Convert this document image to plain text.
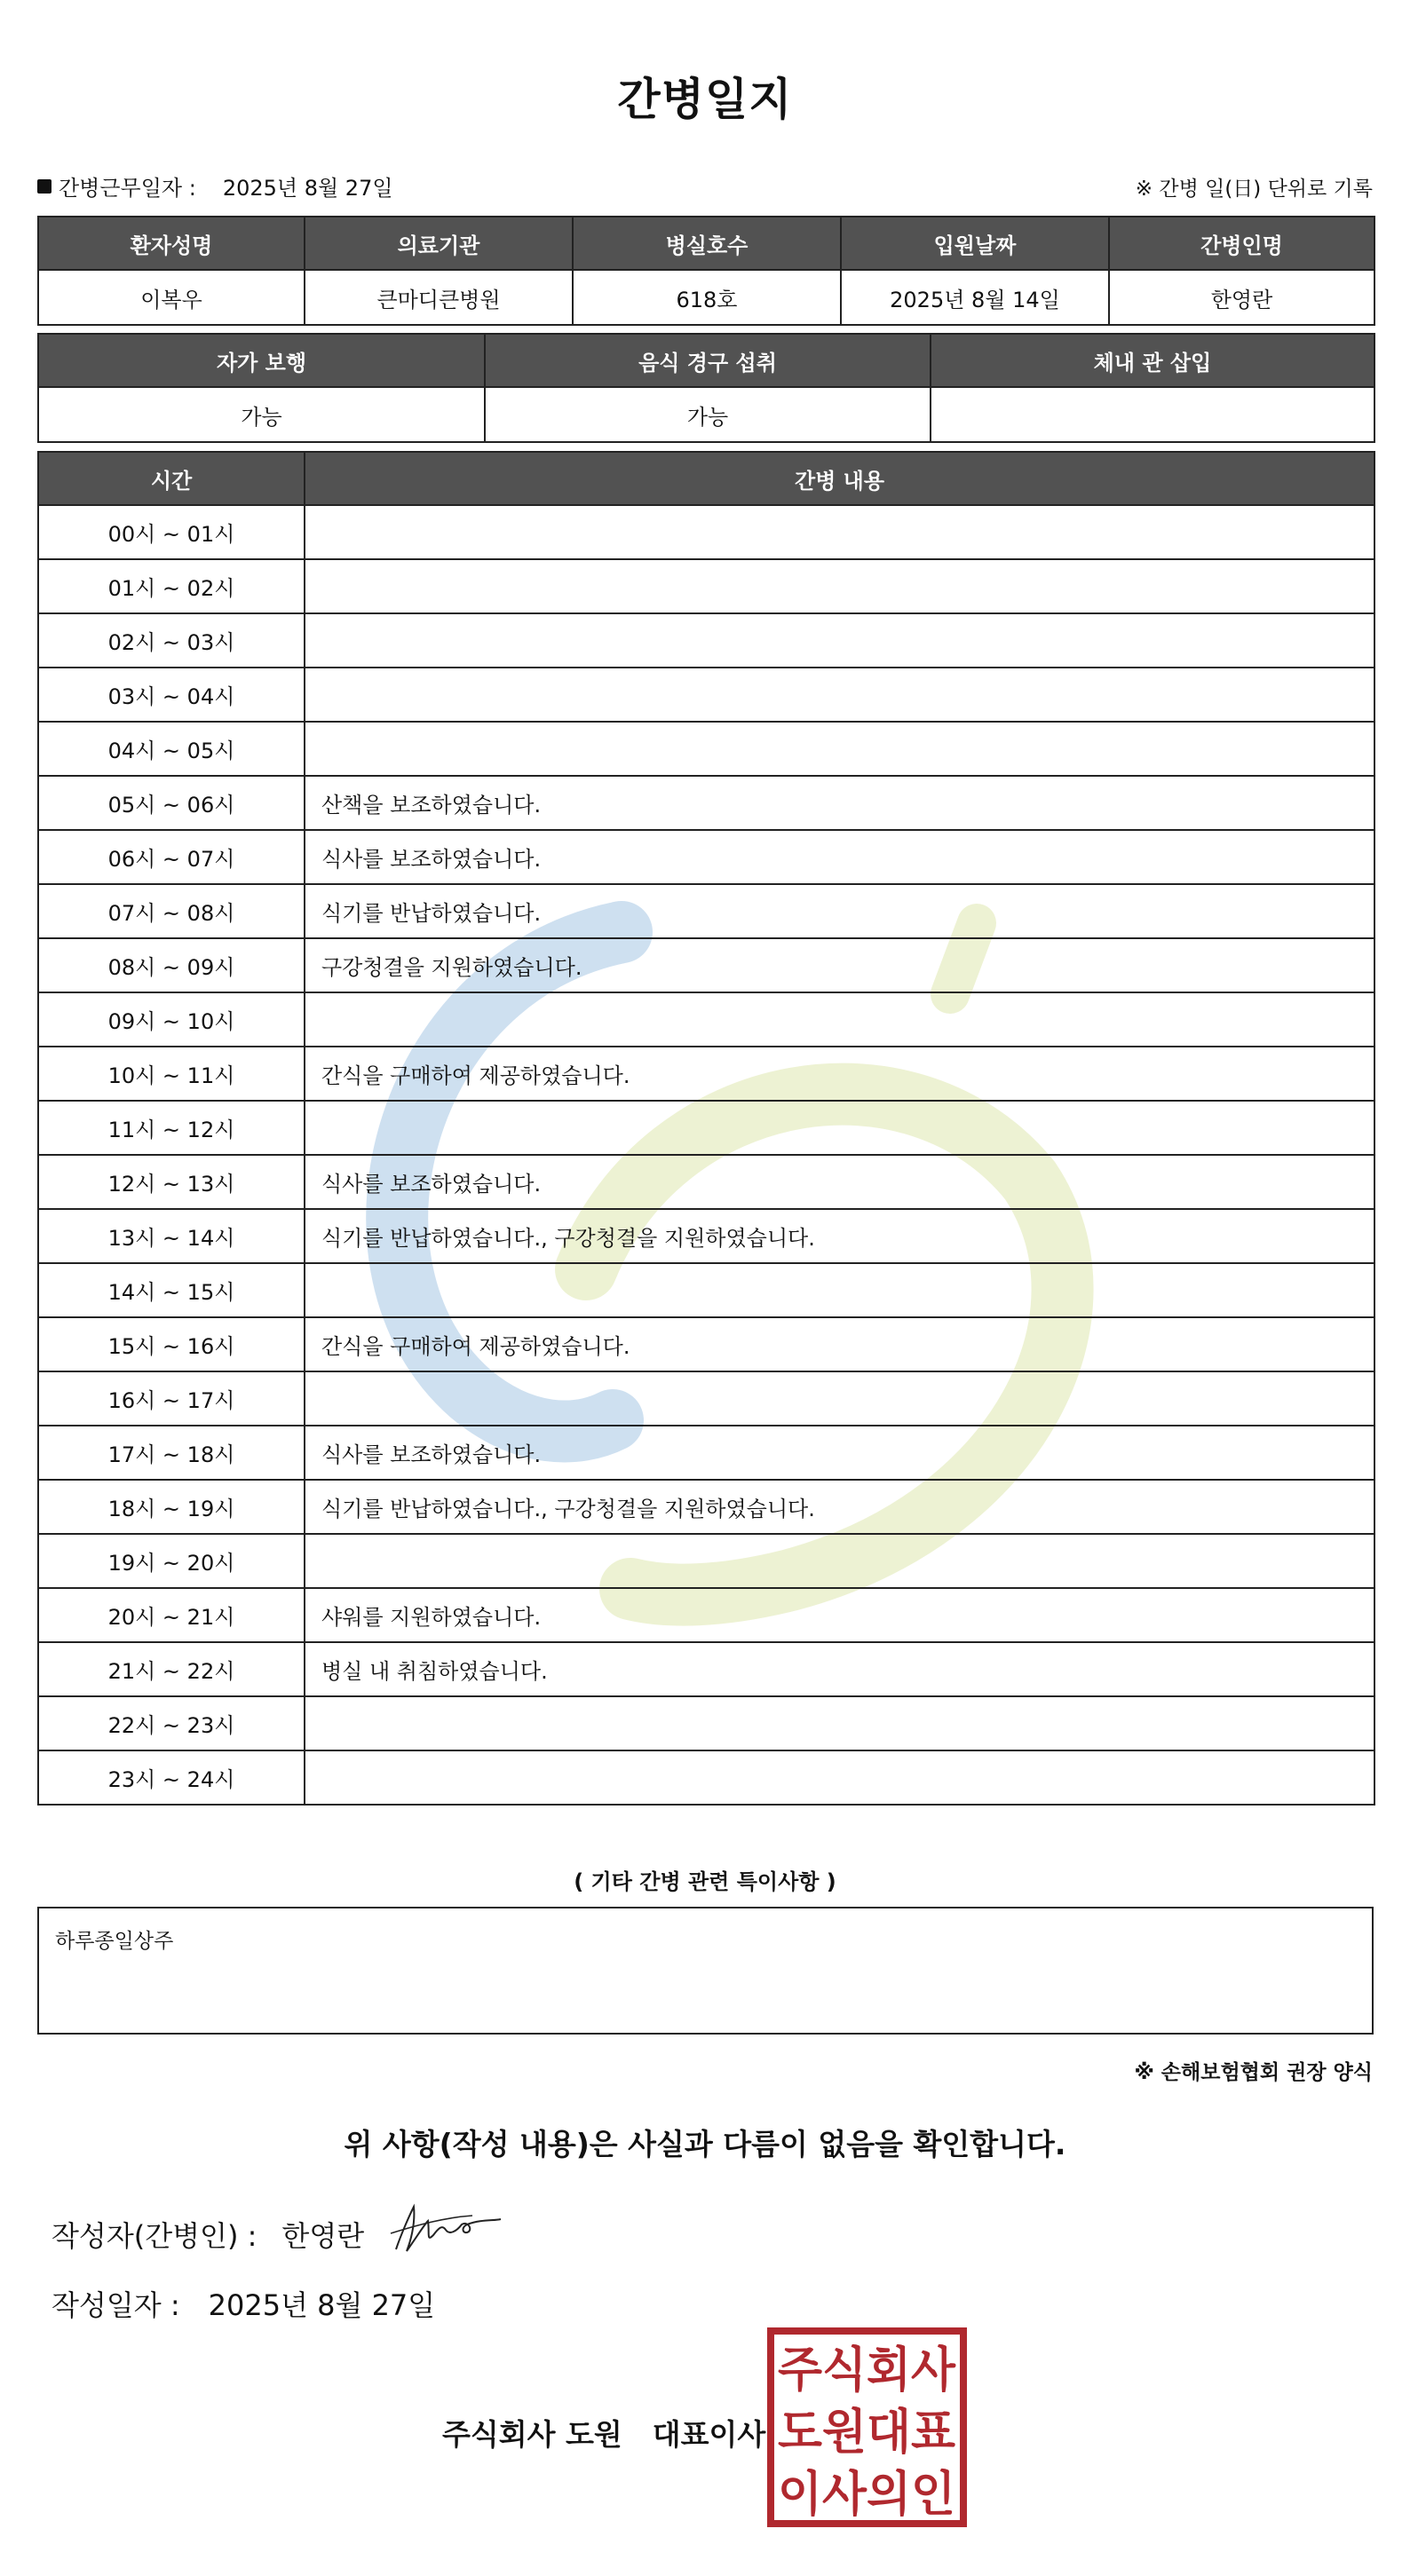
간병일지
간병근무일자 : 2025년 8월 27일	※ 간병 일(日) 단위로 기록
환자성명	의료기관	병실호수	입원날짜	간병인명
이복우	큰마디큰병원	618호	2025년 8월 14일	한영란
자가 보행	음식 경구 섭취	체내 관 삽입
가능	가능
시간	간병 내용
00시 ~ 01시
01시 ~ 02시
02시 ~ 03시
03시 ~ 04시
04시 ~ 05시
05시 ~ 06시	산책을 보조하였습니다.
06시 ~ 07시	식사를 보조하였습니다.
07시 ~ 08시	식기를 반납하였습니다.
08시 ~ 09시	구강청결을 지원하였습니다.
09시 ~ 10시
10시 ~ 11시	간식을 구매하여 제공하였습니다.
11시 ~ 12시
12시 ~ 13시	식사를 보조하였습니다.
13시 ~ 14시	식기를 반납하였습니다., 구강청결을 지원하였습니다.
14시 ~ 15시
15시 ~ 16시	간식을 구매하여 제공하였습니다.
16시 ~ 17시
17시 ~ 18시	식사를 보조하였습니다.
18시 ~ 19시	식기를 반납하였습니다., 구강청결을 지원하였습니다.
19시 ~ 20시
20시 ~ 21시	샤워를 지원하였습니다.
21시 ~ 22시	병실 내 취침하였습니다.
22시 ~ 23시
23시 ~ 24시
( 기타 간병 관련 특이사항 )
하루종일상주
※ 손해보험협회 권장 양식
위 사항(작성 내용)은 사실과 다름이 없음을 확인합니다.
작성자(간병인) : 한영란
작성일자 : 2025년 8월 27일
주식회사 도원 대표이사
주식회사
도원대표
이사의인
